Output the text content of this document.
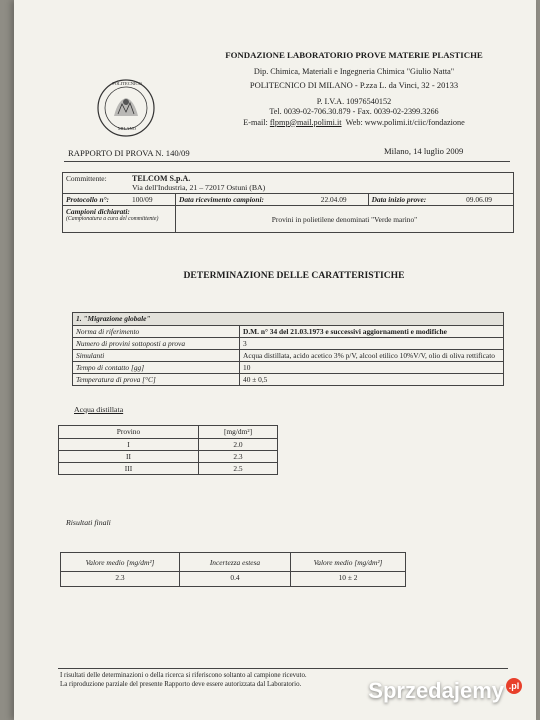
POLITECNICO
MILANO
FONDAZIONE LABORATORIO PROVE MATERIE PLASTICHE
Dip. Chimica, Materiali e Ingegneria Chimica "Giulio Natta"
POLITECNICO DI MILANO - P.zza L. da Vinci, 32 - 20133
P. I.V.A. 10976540152
Tel. 0039-02-706.30.879 - Fax. 0039-02-2399.3266
E-mail: flpmp@mail.polimi.it Web: www.polimi.it/ciic/fondazione
RAPPORTO DI PROVA N. 140/09	Milano, 14 luglio 2009
Committente:	TELCOM S.p.A.
Via dell'Industria, 21 – 72017 Ostuni (BA)				

Protocollo n°:	100/09	Data ricevimento campioni:	22.04.09	Data inizio prove:	09.06.09

Campioni dichiarati:
(Campionatura a cura del committente)		Provini in polietilene denominati "Verde marino"			
DETERMINAZIONE DELLE CARATTERISTICHE
1. "Migrazione globale"	
Norma di riferimento	D.M. n° 34 del 21.03.1973 e successivi aggiornamenti e modifiche
Numero di provini sottoposti a prova	3
Simulanti	Acqua distillata, acido acetico 3% p/V, alcool etilico 10%V/V, olio di oliva rettificato
Tempo di contatto [gg]	10
Temperatura di prova [°C]	40 ± 0,5
Acqua distillata
Provino	[mg/dm²]
I	2.0
II	2.3
III	2.5
Risultati finali
Valore medio [mg/dm²]	Incertezza estesa	Valore medio [mg/dm²]
2.3	0.4	10 ± 2
I risultati delle determinazioni o della ricerca si riferiscono soltanto al campione ricevuto.
La riproduzione parziale del presente Rapporto deve essere autorizzata dal Laboratorio.	Sprzedajemy .pl
